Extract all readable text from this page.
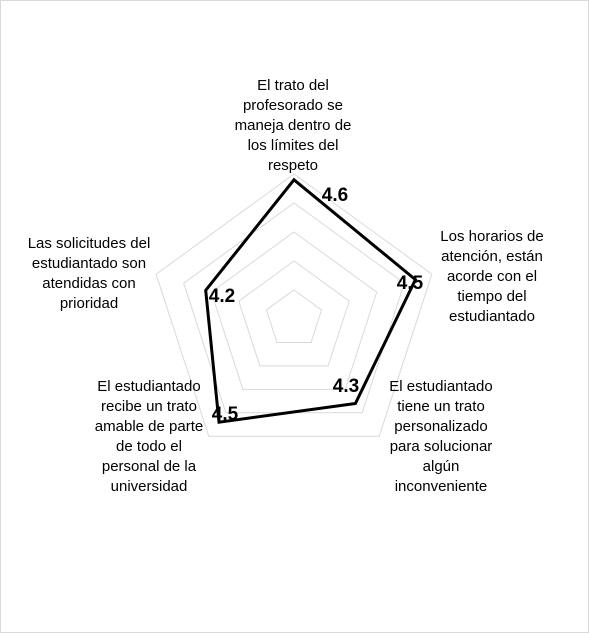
El trato del profesorado se maneja dentro de los límites del respeto
Los horarios de atención, están acorde con el tiempo del estudiantado
El estudiantado tiene un trato personalizado para solucionar algún inconveniente
El estudiantado recibe un trato amable de parte de todo el personal de la universidad
Las solicitudes del estudiantado son atendidas con prioridad
4.6
4.5
4.3
4.5
4.2
